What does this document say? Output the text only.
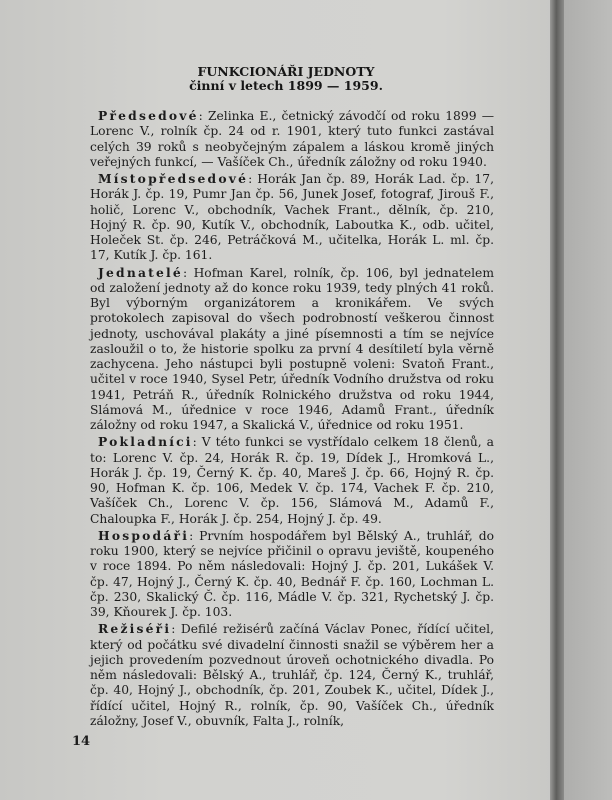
FUNKCIONÁŘI JEDNOTY
činní v letech 1899 — 1959.

Předsedové: Zelinka E., četnický závodčí od roku 1899 — Lorenc V., rolník čp. 24 od r. 1901, který tuto funkci zastával celých 39 roků s neobyčejným zápalem a láskou kromě jiných veřejných funkcí, — Vašíček Ch., úředník záložny od roku 1940.

Místopředsedové: Horák Jan čp. 89, Horák Lad. čp. 17, Horák J. čp. 19, Pumr Jan čp. 56, Junek Josef, fotograf, Jirouš F., holič, Lorenc V., obchodník, Vachek Frant., dělník, čp. 210, Hojný R. čp. 90, Kutík V., obchodník, Laboutka K., odb. učitel, Holeček St. čp. 246, Petráčková M., učitelka, Horák L. ml. čp. 17, Kutík J. čp. 161.

Jednatelé: Hofman Karel, rolník, čp. 106, byl jednatelem od založení jednoty až do konce roku 1939, tedy plných 41 roků. Byl výborným organizátorem a kronikářem. Ve svých protokolech zapisoval do všech podrobností veškerou činnost jednoty, uschovával plakáty a jiné písemnosti a tím se nejvíce zasloužil o to, že historie spolku za první 4 desítiletí byla věrně zachycena. Jeho nástupci byli postupně voleni: Svatoň Frant., učitel v roce 1940, Sysel Petr, úředník Vodního družstva od roku 1941, Petráň R., úředník Rolnického družstva od roku 1944, Slámová M., úřednice v roce 1946, Adamů Frant., úředník záložny od roku 1947, a Skalická V., úřednice od roku 1951.

Pokladníci: V této funkci se vystřídalo celkem 18 členů, a to: Lorenc V. čp. 24, Horák R. čp. 19, Dídek J., Hromková L., Horák J. čp. 19, Černý K. čp. 40, Mareš J. čp. 66, Hojný R. čp. 90, Hofman K. čp. 106, Medek V. čp. 174, Vachek F. čp. 210, Vašíček Ch., Lorenc V. čp. 156, Slámová M., Adamů F., Chaloupka F., Horák J. čp. 254, Hojný J. čp. 49.

Hospodáři: Prvním hospodářem byl Bělský A., truhlář, do roku 1900, který se nejvíce přičinil o opravu jeviště, koupeného v roce 1894. Po něm následovali: Hojný J. čp. 201, Lukášek V. čp. 47, Hojný J., Černý K. čp. 40, Bednář F. čp. 160, Lochman L. čp. 230, Skalický Č. čp. 116, Mádle V. čp. 321, Rychetský J. čp. 39, Kňourek J. čp. 103.

Režiséři: Defilé režisérů začíná Václav Ponec, řídící učitel, který od počátku své divadelní činnosti snažil se výběrem her a jejich provedením pozvednout úroveň ochotnického divadla. Po něm následovali: Bělský A., truhlář, čp. 124, Černý K., truhlář, čp. 40, Hojný J., obchodník, čp. 201, Zoubek K., učitel, Dídek J., řídící učitel, Hojný R., rolník, čp. 90, Vašíček Ch., úředník záložny, Josef V., obuvník, Falta J., rolník,

14
